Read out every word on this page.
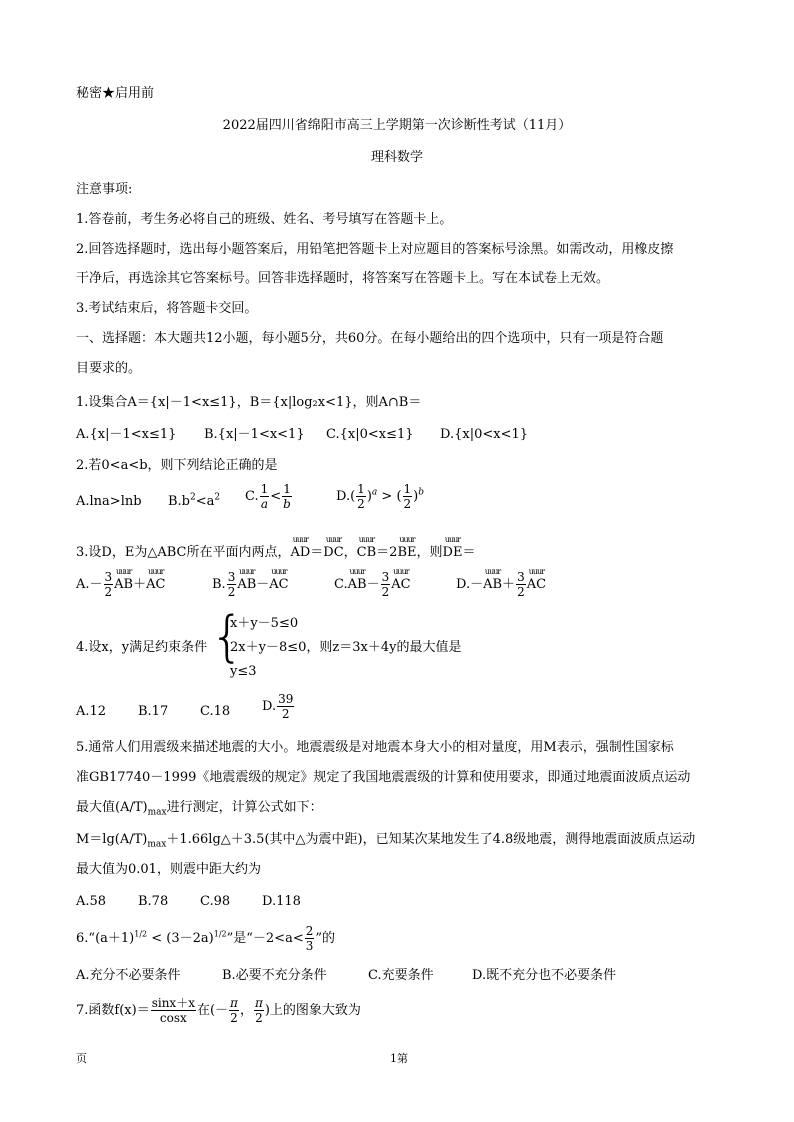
秘密★启用前
2022届四川省绵阳市高三上学期第一次诊断性考试（11月）
理科数学
注意事项:
1.答卷前，考生务必将自己的班级、姓名、考号填写在答题卡上。
2.回答选择题时，选出每小题答案后，用铅笔把答题卡上对应题目的答案标号涂黑。如需改动，用橡皮擦
干净后，再选涂其它答案标号。回答非选择题时，将答案写在答题卡上。写在本试卷上无效。
3.考试结束后，将答题卡交回。
一、选择题：本大题共12小题，每小题5分，共60分。在每小题给出的四个选项中，只有一项是符合题
目要求的。
1.设集合A＝{x|－1<x≤1}，B＝{x|log₂x<1}，则A∩B＝
A.{x|－1<x≤1} B.{x|－1<x<1} C.{x|0<x≤1} D.{x|0<x<1}
2.若0<a<b，则下列结论正确的是
A.lna>lnb $B.b^2<a^2$ C. $\frac{1}{a} < \frac{1}{b}$	$D.( \frac{1}{2} )^a$ > ( $\frac{1}{2} )^b$
3.设D，E为△ABC所在平面内两点，
uuur
AD＝
uuur
DC，
uuur
CB＝2
uuur
BE，则
uuur
DE＝
$A.- \frac{3}{2}$ uuur
AB＋
uuur
AC	B. $\frac{3}{2}$ uuur
AB－
uuur
AC	C.
uuur
$AB- \frac{3}{2}$ uuur
AC	D.－
uuur
$AB+ \frac{3}{2}$ uuur
AC
4.设x，y满足约束条件 {
x＋y－5≤0
2x＋y－8≤0，则z＝3x＋4y的最大值是
y≤3
A.12 B.17 C.18 D. $\frac{39}{2}$
5.通常人们用震级来描述地震的大小。地震震级是对地震本身大小的相对量度，用M表示，强制性国家标
准GB17740－1999《地震震级的规定》规定了我国地震震级的计算和使用要求，即通过地震面波质点运动
最大值$(A/T)_{max}$进行测定，计算公式如下：
$M=\lg(A/T)_{max}+1.66\lg\triangle+3.5$(其中△为震中距)，已知某次某地发生了4.8级地震，测得地震面波质点运动
最大值为0.01，则震中距大约为
A.58 B.78 C.98 D.118
$6.“(a+1)^{1/2} < (3-2a)^{1/2}$”是“$-2<a< \frac{2}{3}$ ”的
A.充分不必要条件	B.必要不充分条件	C.充要条件	D.既不充分也不必要条件
7.函数$f(x)= \frac{\sin x+x}{\cos x}$ 在(－ $\frac{\pi}{2}$ ， $\frac{\pi}{2}$ )上的图象大致为
页	1第
